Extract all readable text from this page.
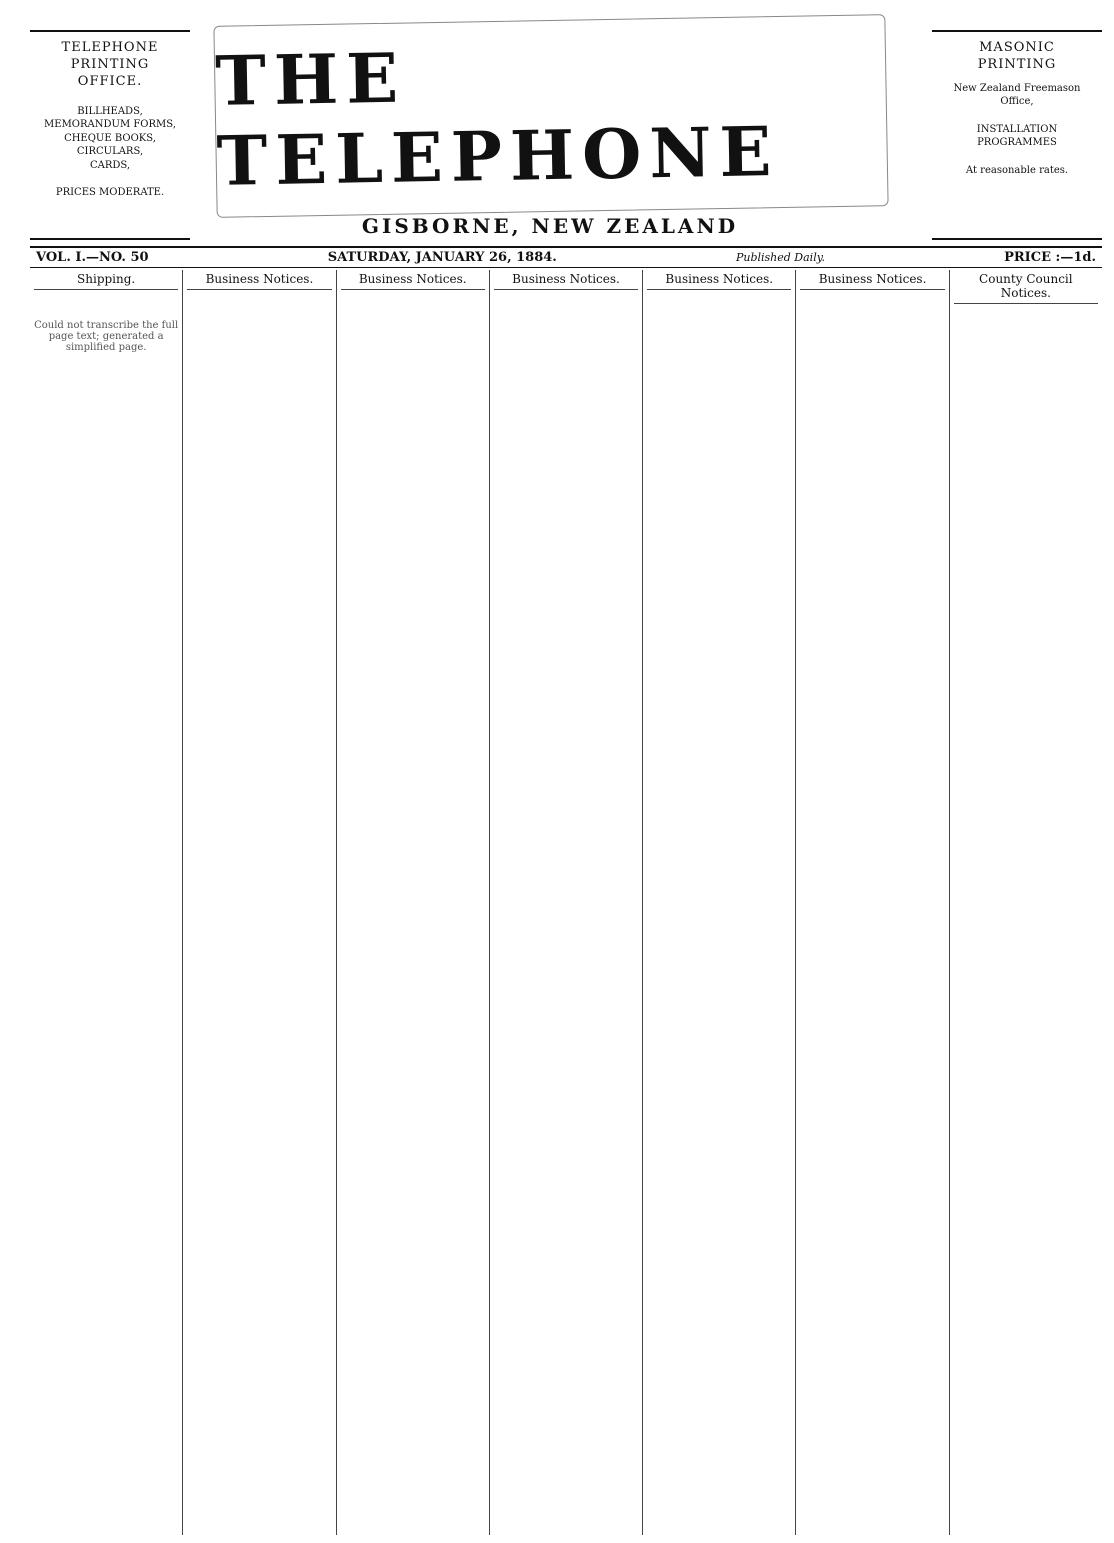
TELEPHONE
PRINTING OFFICE.
BILLHEADS, MEMORANDUM FORMS,
CHEQUE BOOKS, CIRCULARS,
CARDS,
PRICES MODERATE.
THE TELEPHONE
GISBORNE, NEW ZEALAND
MASONIC PRINTING
New Zealand Freemason
Office,
INSTALLATION PROGRAMMES
At reasonable rates.
VOL. I.—NO. 50	SATURDAY, JANUARY 26, 1884.	Published Daily.	PRICE :—1d.
Shipping.
Could not transcribe the full page text; generated a simplified page.
Business Notices.	Business Notices.	Business Notices.	Business Notices.	Business Notices.	County Council Notices.
